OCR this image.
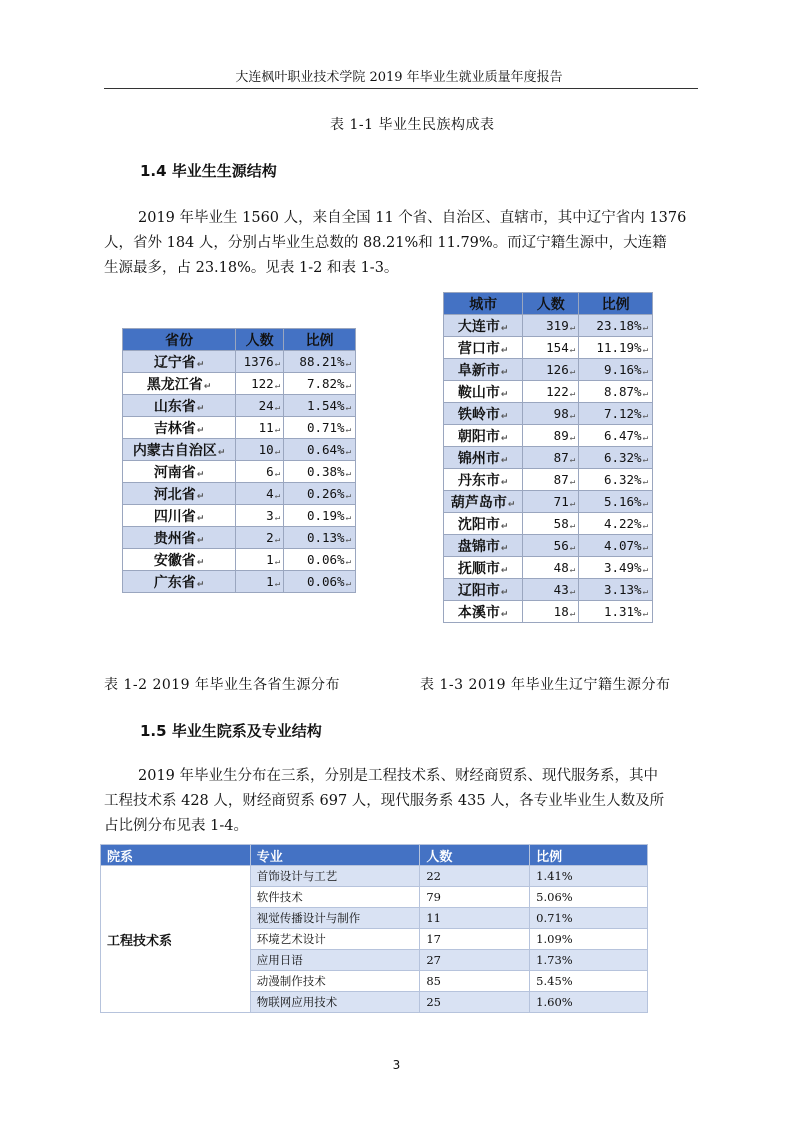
大连枫叶职业技术学院 2019 年毕业生就业质量年度报告
表 1-1 毕业生民族构成表
1.4 毕业生生源结构
2019 年毕业生 1560 人，来自全国 11 个省、自治区、直辖市，其中辽宁省内 1376
人，省外 184 人，分别占毕业生总数的 88.21%和 11.79%。而辽宁籍生源中，大连籍
生源最多，占 23.18%。见表 1-2 和表 1-3。
省份	人数	比例
辽宁省↵	1376↵	88.21%↵
黑龙江省↵	122↵	7.82%↵
山东省↵	24↵	1.54%↵
吉林省↵	11↵	0.71%↵
内蒙古自治区↵	10↵	0.64%↵
河南省↵	6↵	0.38%↵
河北省↵	4↵	0.26%↵
四川省↵	3↵	0.19%↵
贵州省↵	2↵	0.13%↵
安徽省↵	1↵	0.06%↵
广东省↵	1↵	0.06%↵
城市	人数	比例
大连市↵	319↵	23.18%↵
营口市↵	154↵	11.19%↵
阜新市↵	126↵	9.16%↵
鞍山市↵	122↵	8.87%↵
铁岭市↵	98↵	7.12%↵
朝阳市↵	89↵	6.47%↵
锦州市↵	87↵	6.32%↵
丹东市↵	87↵	6.32%↵
葫芦岛市↵	71↵	5.16%↵
沈阳市↵	58↵	4.22%↵
盘锦市↵	56↵	4.07%↵
抚顺市↵	48↵	3.49%↵
辽阳市↵	43↵	3.13%↵
本溪市↵	18↵	1.31%↵
表 1-2 2019 年毕业生各省生源分布	表 1-3 2019 年毕业生辽宁籍生源分布
1.5 毕业生院系及专业结构
2019 年毕业生分布在三系，分别是工程技术系、财经商贸系、现代服务系，其中
工程技术系 428 人，财经商贸系 697 人，现代服务系 435 人，各专业毕业生人数及所
占比例分布见表 1-4。
院系	专业	人数	比例
工程技术系	首饰设计与工艺	22	1.41%
	软件技术	79	5.06%
	视觉传播设计与制作	11	0.71%
	环境艺术设计	17	1.09%
	应用日语	27	1.73%
	动漫制作技术	85	5.45%
	物联网应用技术	25	1.60%
3
